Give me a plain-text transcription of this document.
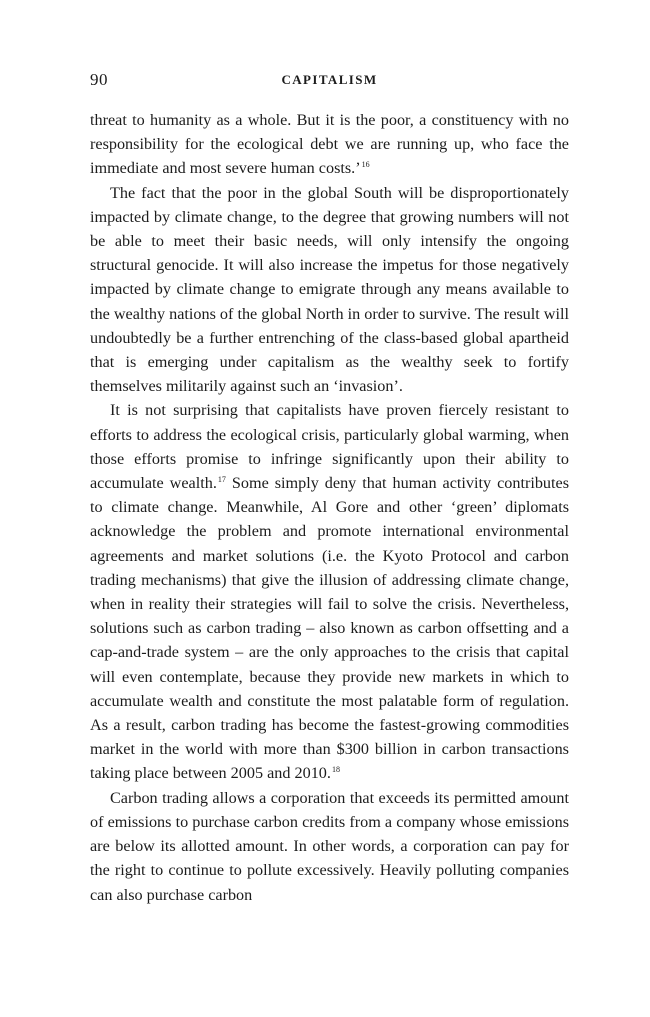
90	CAPITALISM

threat to humanity as a whole. But it is the poor, a constituency with no responsibility for the ecological debt we are running up, who face the immediate and most severe human costs.’$^{16}$

The fact that the poor in the global South will be disproportionately impacted by climate change, to the degree that growing numbers will not be able to meet their basic needs, will only intensify the ongoing structural genocide. It will also increase the impetus for those negatively impacted by climate change to emigrate through any means available to the wealthy nations of the global North in order to survive. The result will undoubtedly be a further entrenching of the class-based global apartheid that is emerging under capitalism as the wealthy seek to fortify themselves militarily against such an ‘invasion’.

It is not surprising that capitalists have proven fiercely resistant to efforts to address the ecological crisis, particularly global warming, when those efforts promise to infringe significantly upon their ability to accumulate wealth.$^{17}$ Some simply deny that human activity contributes to climate change. Meanwhile, Al Gore and other ‘green’ diplomats acknowledge the problem and promote international environmental agreements and market solutions (i.e. the Kyoto Protocol and carbon trading mechanisms) that give the illusion of addressing climate change, when in reality their strategies will fail to solve the crisis. Nevertheless, solutions such as carbon trading – also known as carbon offsetting and a cap-and-trade system – are the only approaches to the crisis that capital will even contemplate, because they provide new markets in which to accumulate wealth and constitute the most palatable form of regulation. As a result, carbon trading has become the fastest-growing commodities market in the world with more than $300 billion in carbon transactions taking place between 2005 and 2010.18

Carbon trading allows a corporation that exceeds its permitted amount of emissions to purchase carbon credits from a company whose emissions are below its allotted amount. In other words, a corporation can pay for the right to continue to pollute excessively. Heavily polluting companies can also purchase carbon
